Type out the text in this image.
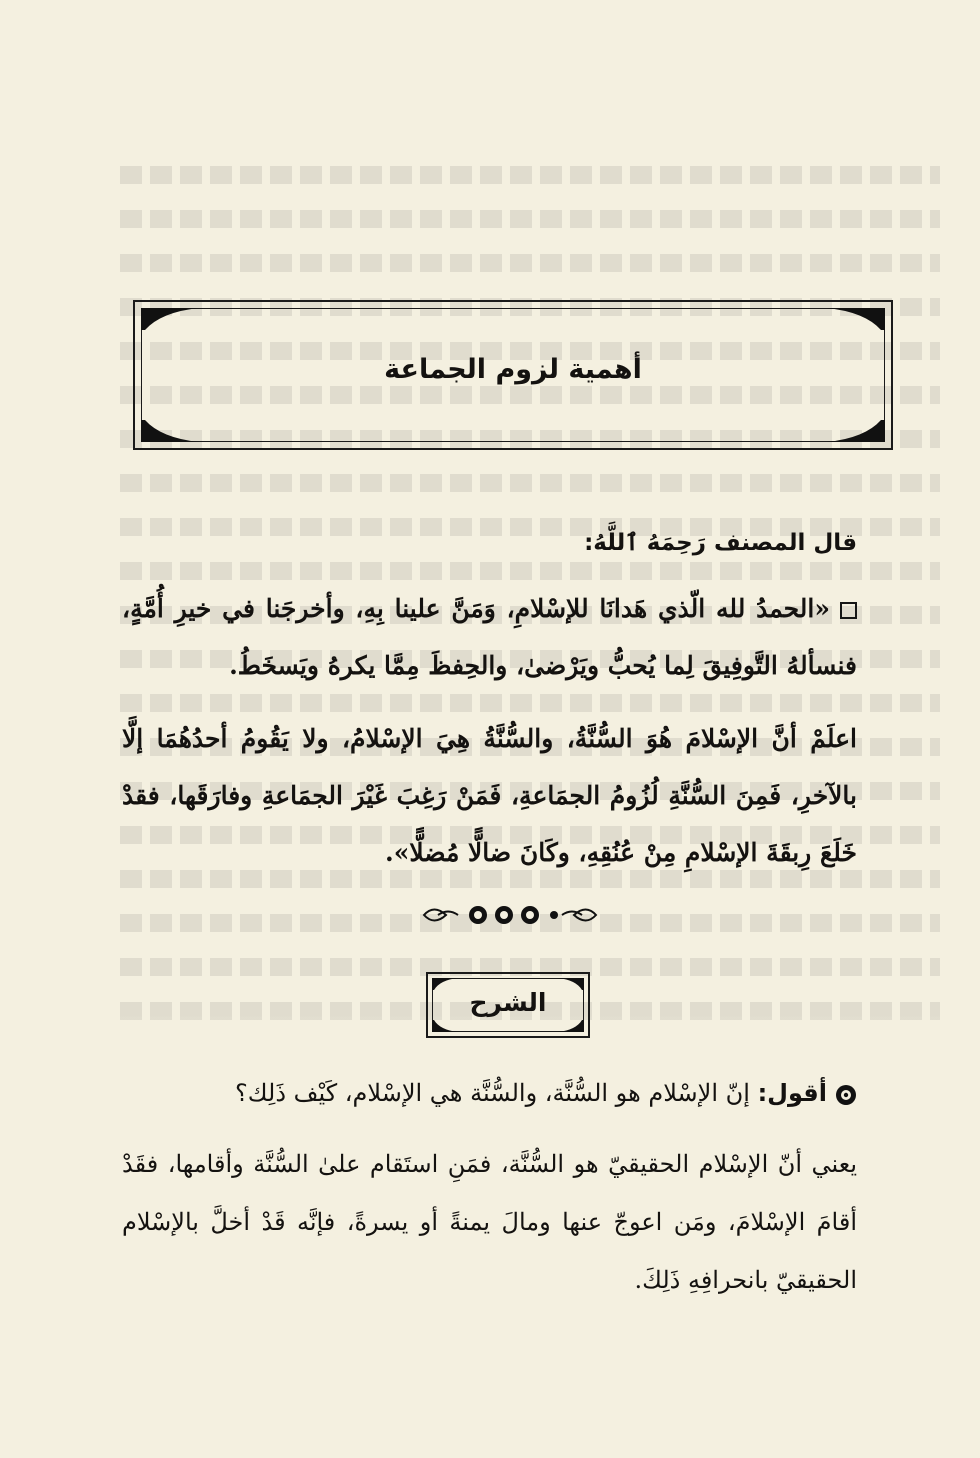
أهمية لزوم الجماعة
قال المصنف رَحِمَهُ ٱللَّهُ:
«الحمدُ لله الّذي هَدانَا للإسْلامِ، وَمَنَّ علينا بِهِ، وأخرجَنا في خيرِ أُمَّةٍ، فنسألهُ التَّوفِيقَ لِما يُحبُّ ويَرْضىٰ، والحِفظَ مِمَّا يكرهُ ويَسخَطُ.
اعلَمْ أنَّ الإسْلامَ هُوَ السُّنَّةُ، والسُّنَّةُ هِيَ الإسْلامُ، ولا يَقُومُ أحدُهُمَا إلَّا بالآخرِ، فَمِنَ السُّنَّةِ لُزُومُ الجمَاعةِ، فَمَنْ رَغِبَ غَيْرَ الجمَاعةِ وفارَقَها، فقدْ خَلَعَ رِبقَةَ الإسْلامِ مِنْ عُنُقِهِ، وكَانَ ضالًّا مُضلًّا».
الشرح
أقول: إنّ الإسْلام هو السُّنَّة، والسُّنَّة هي الإسْلام، كَيْف ذَلِك؟
يعني أنّ الإسْلام الحقيقيّ هو السُّنَّة، فمَنِ استَقام علىٰ السُّنَّة وأقامها، فقَدْ أقامَ الإسْلامَ، ومَن اعوجّ عنها ومالَ يمنةً أو يسرةً، فإنَّه قَدْ أخلَّ بالإسْلام الحقيقيّ بانحرافِهِ ذَلِكَ.
